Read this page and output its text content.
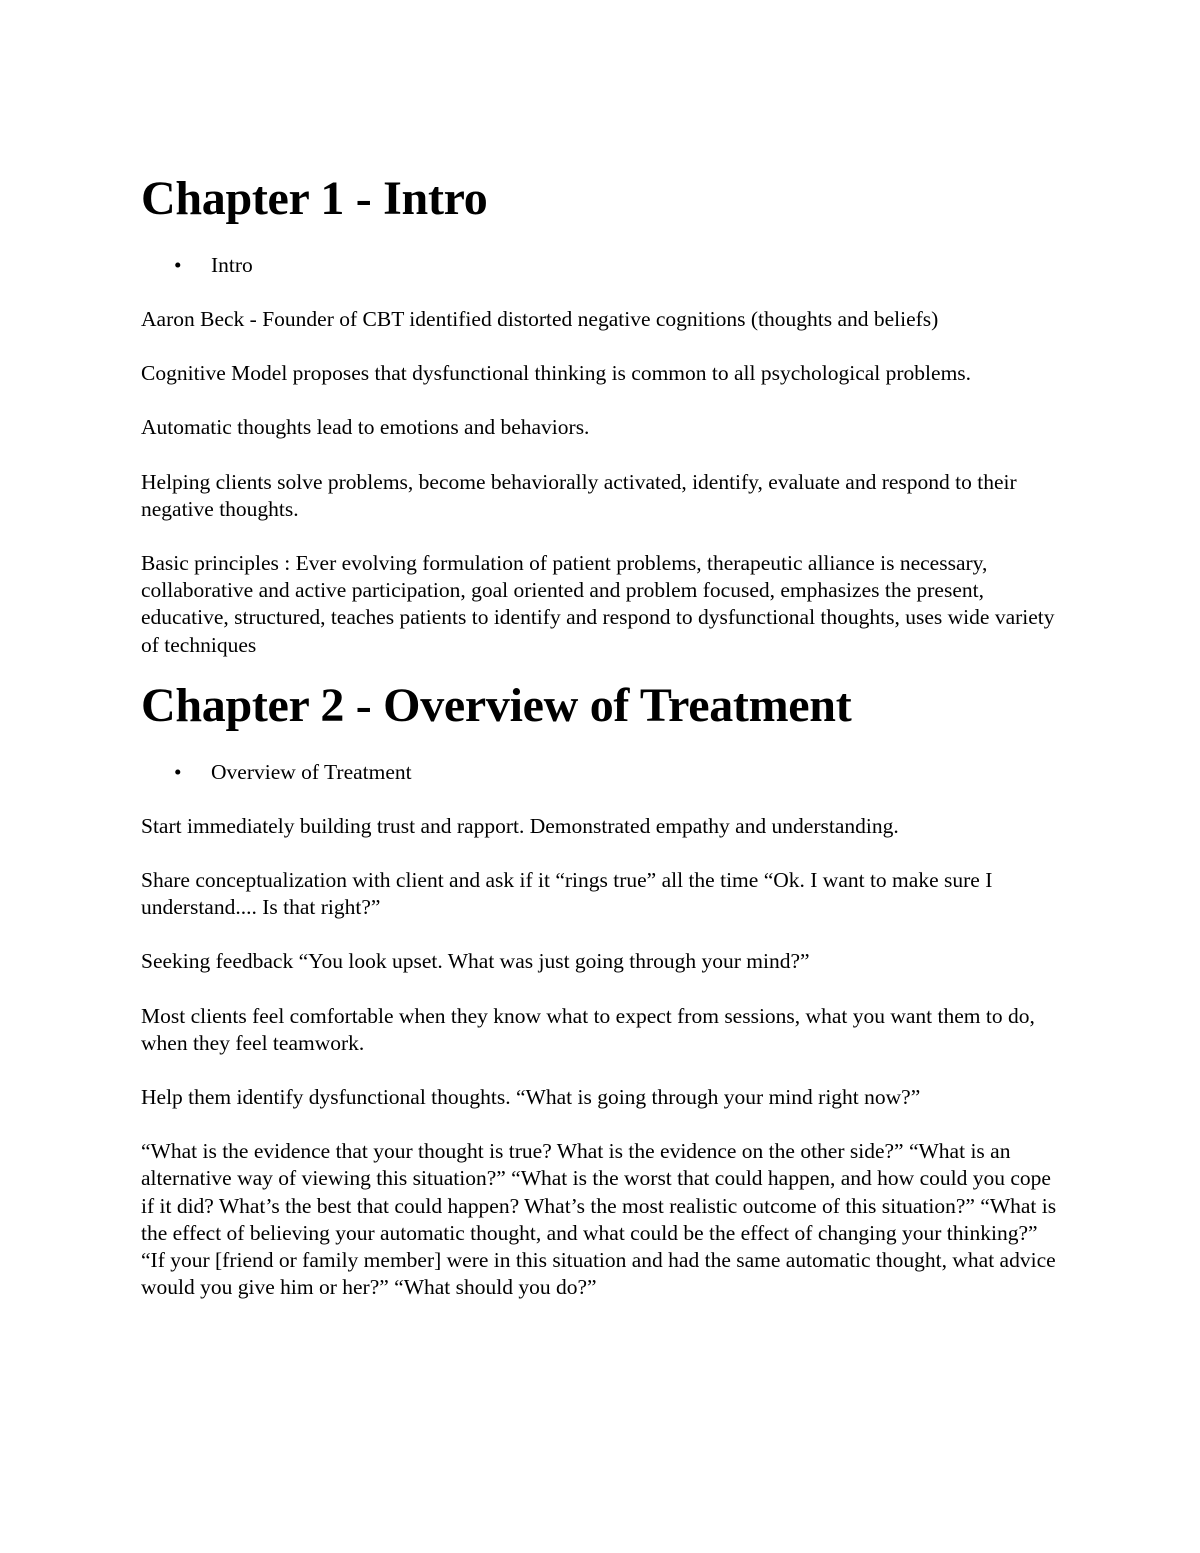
Chapter 1 - Intro
• Intro

Aaron Beck - Founder of CBT identified distorted negative cognitions (thoughts and beliefs)

Cognitive Model proposes that dysfunctional thinking is common to all psychological problems.

Automatic thoughts lead to emotions and behaviors.

Helping clients solve problems, become behaviorally activated, identify, evaluate and respond to their negative thoughts.

Basic principles : Ever evolving formulation of patient problems, therapeutic alliance is necessary, collaborative and active participation, goal oriented and problem focused, emphasizes the present, educative, structured, teaches patients to identify and respond to dysfunctional thoughts, uses wide variety of techniques

Chapter 2 - Overview of Treatment
• Overview of Treatment

Start immediately building trust and rapport. Demonstrated empathy and understanding.

Share conceptualization with client and ask if it “rings true” all the time “Ok. I want to make sure I understand.... Is that right?”

Seeking feedback “You look upset. What was just going through your mind?”

Most clients feel comfortable when they know what to expect from sessions, what you want them to do, when they feel teamwork.

Help them identify dysfunctional thoughts. “What is going through your mind right now?”

“What is the evidence that your thought is true? What is the evidence on the other side?” “What is an alternative way of viewing this situation?” “What is the worst that could happen, and how could you cope if it did? What’s the best that could happen? What’s the most realistic outcome of this situation?” “What is the effect of believing your automatic thought, and what could be the effect of changing your thinking?” “If your [friend or family member] were in this situation and had the same automatic thought, what advice would you give him or her?” “What should you do?”
